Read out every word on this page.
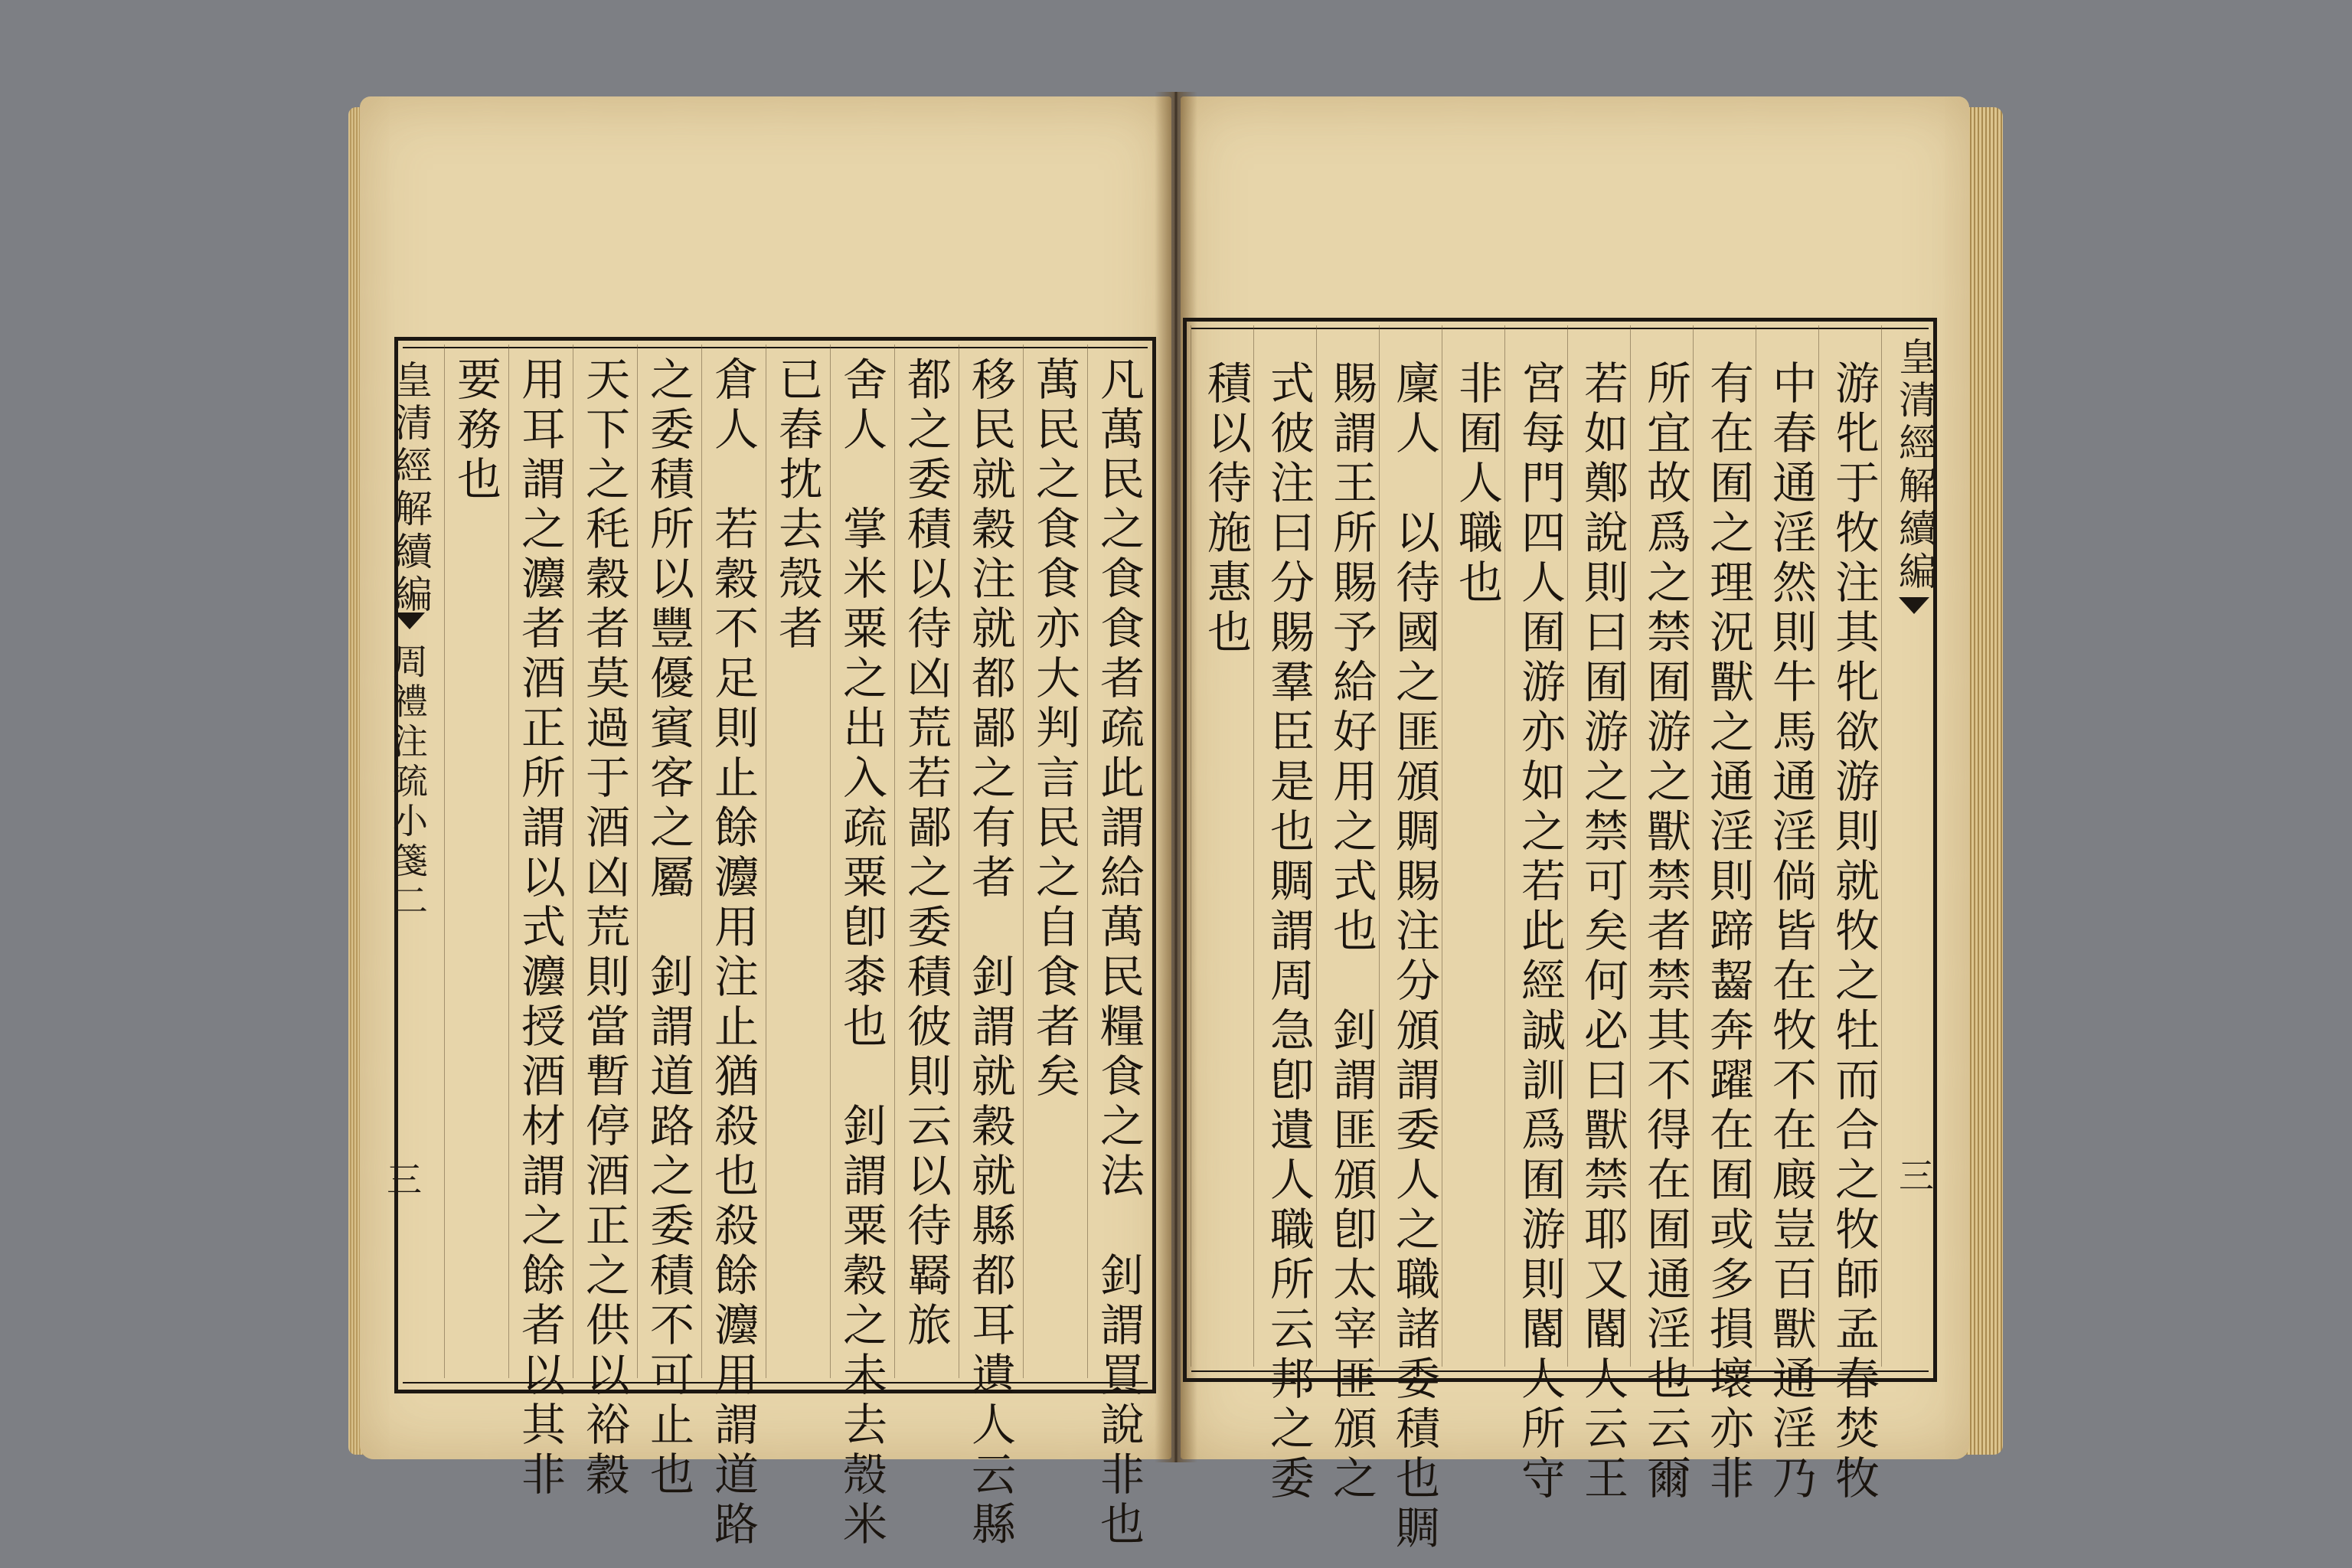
皇清經解續編
周禮注疏小箋二
三	凡萬民之食食者疏此謂給萬民糧食之法　釗謂買說非也
萬民之食食亦大判言民之自食者矣
移民就穀注就都鄙之有者　釗謂就穀就縣都耳遺人云縣
都之委積以待凶荒若鄙之委積彼則云以待羇旅
舍人　掌米粟之出入疏粟卽桼也　釗謂粟穀之未去殼米
已舂抌去殼者
倉人　若穀不足則止餘灋用注止猶殺也殺餘灋用謂道路
之委積所以豐優賓客之屬　釗謂道路之委積不可止也
天下之秏穀者莫過于酒凶荒則當暫停酒正之供以裕穀
用耳謂之灋者酒正所謂以式灋授酒材謂之餘者以其非
要務也	皇清經解續編
三
游牝于牧注其牝欲游則就牧之牡而合之牧師孟春焚牧
中春通淫然則牛馬通淫倘皆在牧不在廄豈百獸通淫乃
有在囿之理況獸之通淫則蹄齧奔躍在囿或多損壞亦非
所宜故爲之禁囿游之獸禁者禁其不得在囿通淫也云爾
若如鄭說則曰囿游之禁可矣何必曰獸禁耶又閽人云王
宮每門四人囿游亦如之若此經誠訓爲囿游則閽人所守
非囿人職也
廩人　以待國之匪頒賙賜注分頒謂委人之職諸委積也賙
賜謂王所賜予給好用之式也　釗謂匪頒卽太宰匪頒之
式彼注曰分賜羣臣是也賙謂周急卽遺人職所云邦之委
積以待施惠也
